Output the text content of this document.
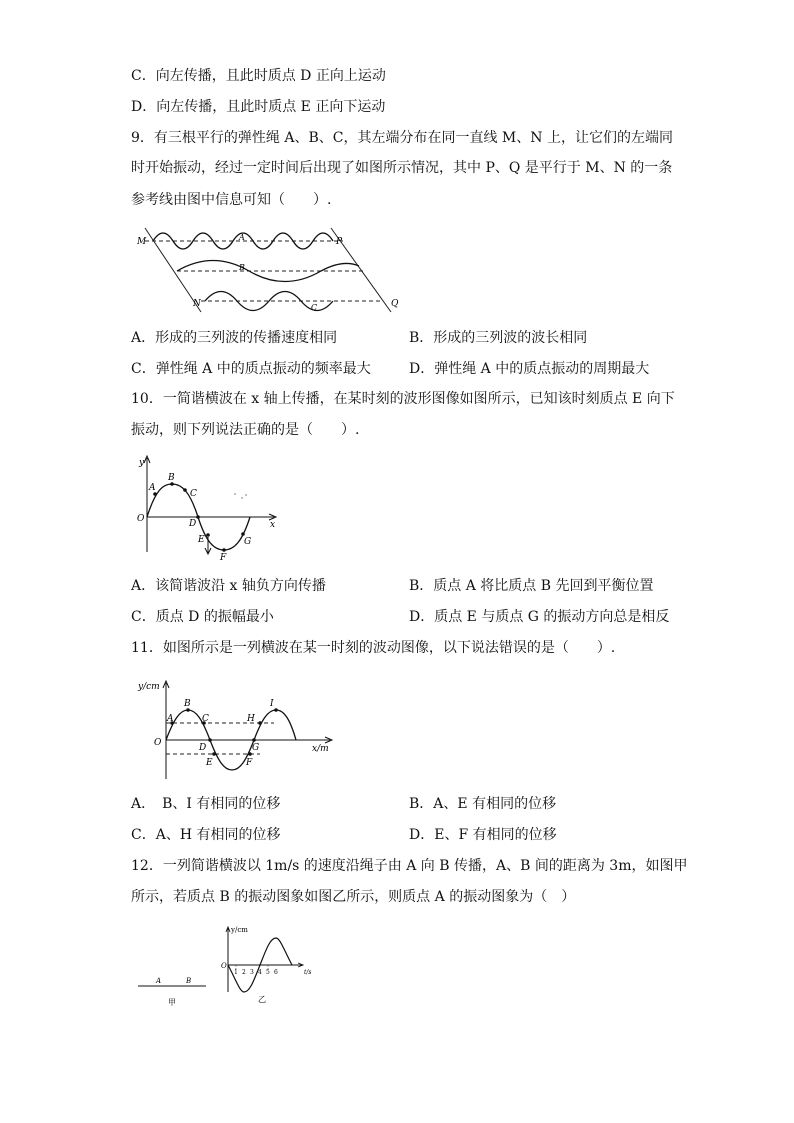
C．向左传播，且此时质点 D 正向上运动
D．向左传播，且此时质点 E 正向下运动
9．有三根平行的弹性绳 A、B、C，其左端分布在同一直线 M、N 上，让它们的左端同
时开始振动，经过一定时间后出现了如图所示情况，其中 P、Q 是平行于 M、N 的一条
参考线由图中信息可知（　　）.
M	A	P
B
N	C	Q
A．形成的三列波的传播速度相同	B．形成的三列波的波长相同
C．弹性绳 A 中的质点振动的频率最大	D．弹性绳 A 中的质点振动的周期最大
10．一简谐横波在 x 轴上传播，在某时刻的波形图像如图所示，已知该时刻质点 E 向下
振动，则下列说法正确的是（　　）.
y
x
O
A
B
C
D
E
F
G
A．该简谐波沿 x 轴负方向传播	B．质点 A 将比质点 B 先回到平衡位置
C．质点 D 的振幅最小	D．质点 E 与质点 G 的振动方向总是相反
11．如图所示是一列横波在某一时刻的波动图像，以下说法错误的是（　　）.
y/cm
x/m
O
A
B
C
D
E	F
G
H
I
A．　B、I 有相同的位移	B．A、E 有相同的位移
C．A、H 有相同的位移	D．E、F 有相同的位移
12．一列简谐横波以 1m/s 的速度沿绳子由 A 向 B 传播，A、B 间的距离为 3m，如图甲
所示，若质点 B 的振动图象如图乙所示，则质点 A 的振动图象为（　）
A	B
甲
y/cm
O
t/s
1 2 3 4 5 6
乙
